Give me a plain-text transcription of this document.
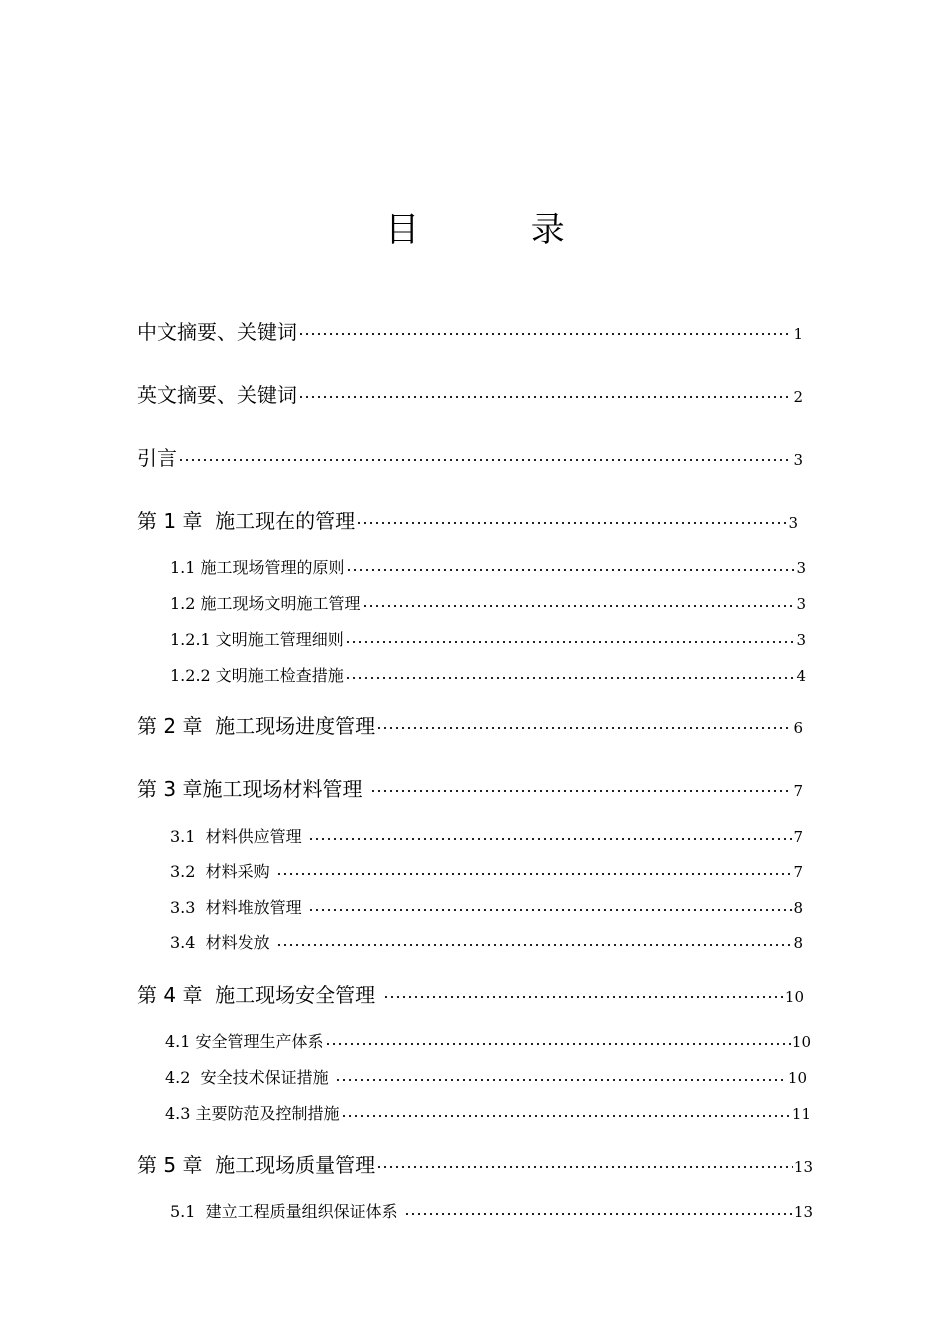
目  录
中文摘要、关键词	1
英文摘要、关键词	2
引言	3
第 1 章  施工现在的管理	3
1.1 施工现场管理的原则	3
1.2 施工现场文明施工管理	3
1.2.1 文明施工管理细则	3
1.2.2 文明施工检查措施	4
第 2 章  施工现场进度管理	6
第 3 章施工现场材料管理	7
3.1  材料供应管理	7
3.2  材料采购	7
3.3  材料堆放管理	8
3.4  材料发放	8
第 4 章  施工现场安全管理	10
4.1 安全管理生产体系	10
4.2  安全技术保证措施	10
4.3 主要防范及控制措施	11
第 5 章  施工现场质量管理	13
5.1  建立工程质量组织保证体系	13
